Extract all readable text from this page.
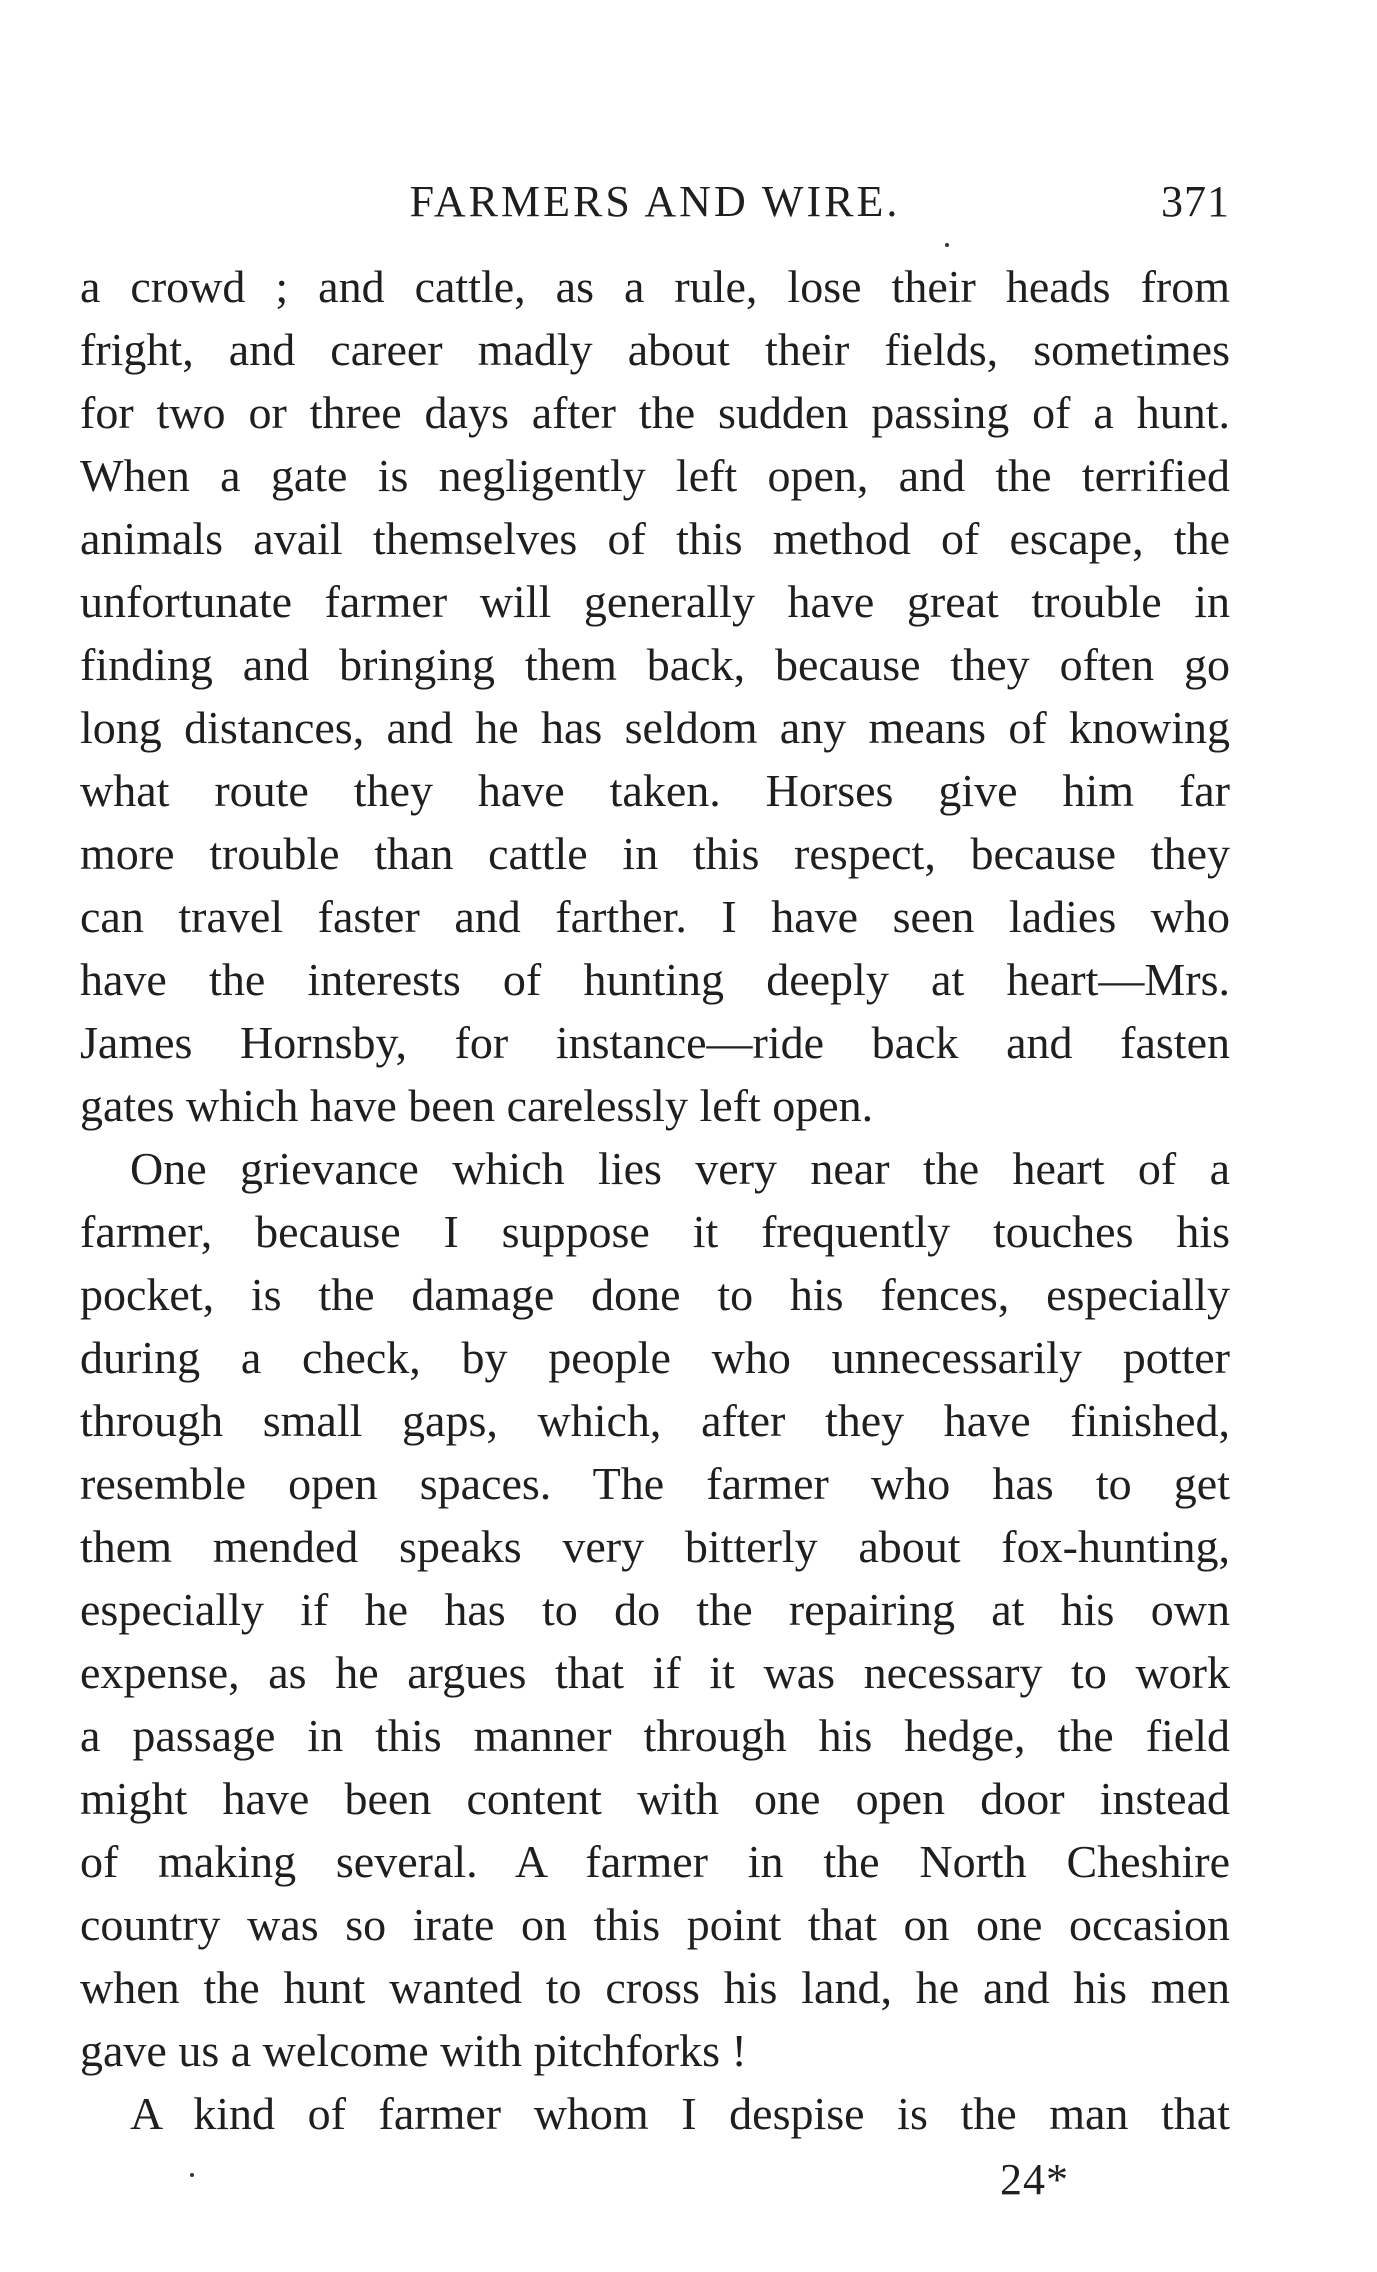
FARMERS AND WIRE.	371
a crowd ; and cattle, as a rule, lose their heads from
fright, and career madly about their fields, sometimes
for two or three days after the sudden passing of a hunt.
When a gate is negligently left open, and the terrified
animals avail themselves of this method of escape, the
unfortunate farmer will generally have great trouble in
finding and bringing them back, because they often go
long distances, and he has seldom any means of knowing
what route they have taken. Horses give him far
more trouble than cattle in this respect, because they
can travel faster and farther. I have seen ladies who
have the interests of hunting deeply at heart—Mrs.
James Hornsby, for instance—ride back and fasten
gates which have been carelessly left open.
One grievance which lies very near the heart of a
farmer, because I suppose it frequently touches his
pocket, is the damage done to his fences, especially
during a check, by people who unnecessarily potter
through small gaps, which, after they have finished,
resemble open spaces. The farmer who has to get
them mended speaks very bitterly about fox-hunting,
especially if he has to do the repairing at his own
expense, as he argues that if it was necessary to work
a passage in this manner through his hedge, the field
might have been content with one open door instead
of making several. A farmer in the North Cheshire
country was so irate on this point that on one occasion
when the hunt wanted to cross his land, he and his men
gave us a welcome with pitchforks !
A kind of farmer whom I despise is the man that
24*
